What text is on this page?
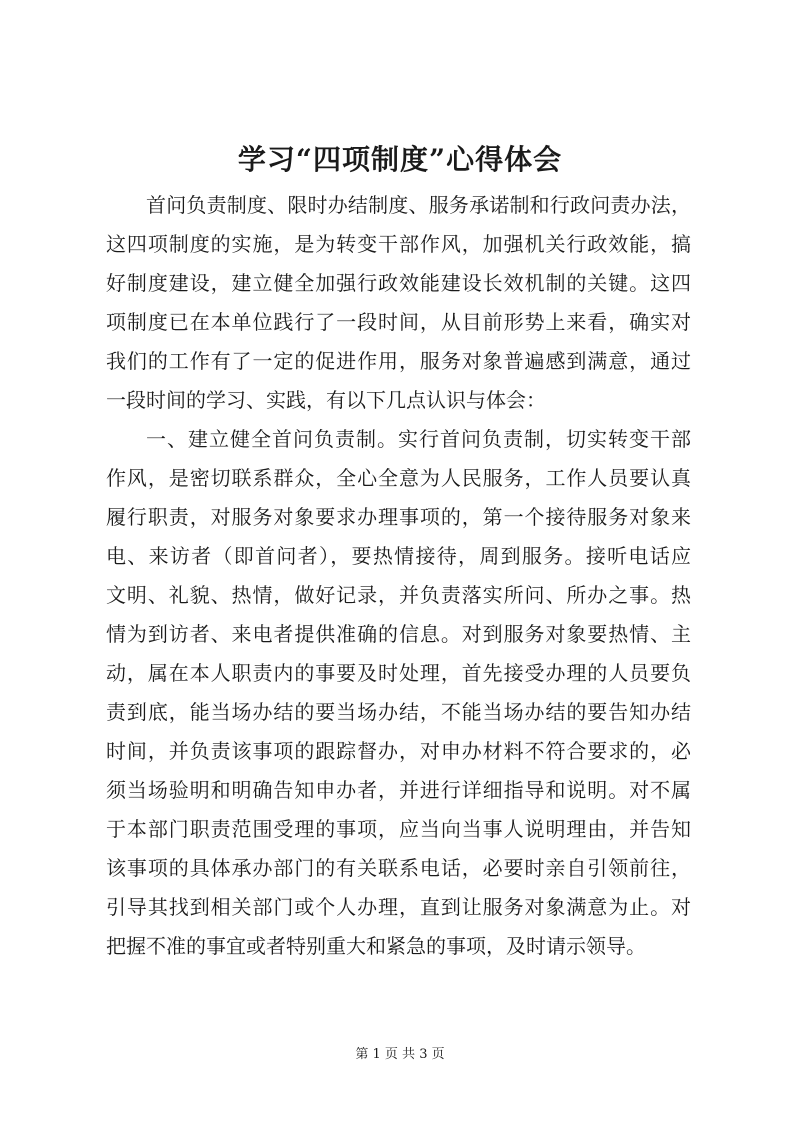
学习“四项制度”心得体会
首问负责制度、限时办结制度、服务承诺制和行政问责办法，
这四项制度的实施，是为转变干部作风，加强机关行政效能，搞
好制度建设，建立健全加强行政效能建设长效机制的关键。这四
项制度已在本单位践行了一段时间，从目前形势上来看，确实对
我们的工作有了一定的促进作用，服务对象普遍感到满意，通过
一段时间的学习、实践，有以下几点认识与体会：
一、建立健全首问负责制。实行首问负责制，切实转变干部
作风，是密切联系群众，全心全意为人民服务，工作人员要认真
履行职责，对服务对象要求办理事项的，第一个接待服务对象来
电、来访者（即首问者），要热情接待，周到服务。接听电话应
文明、礼貌、热情，做好记录，并负责落实所问、所办之事。热
情为到访者、来电者提供准确的信息。对到服务对象要热情、主
动，属在本人职责内的事要及时处理，首先接受办理的人员要负
责到底，能当场办结的要当场办结，不能当场办结的要告知办结
时间，并负责该事项的跟踪督办，对申办材料不符合要求的，必
须当场验明和明确告知申办者，并进行详细指导和说明。对不属
于本部门职责范围受理的事项，应当向当事人说明理由，并告知
该事项的具体承办部门的有关联系电话，必要时亲自引领前往，
引导其找到相关部门或个人办理，直到让服务对象满意为止。对
把握不准的事宜或者特别重大和紧急的事项，及时请示领导。
第 1 页 共 3 页
